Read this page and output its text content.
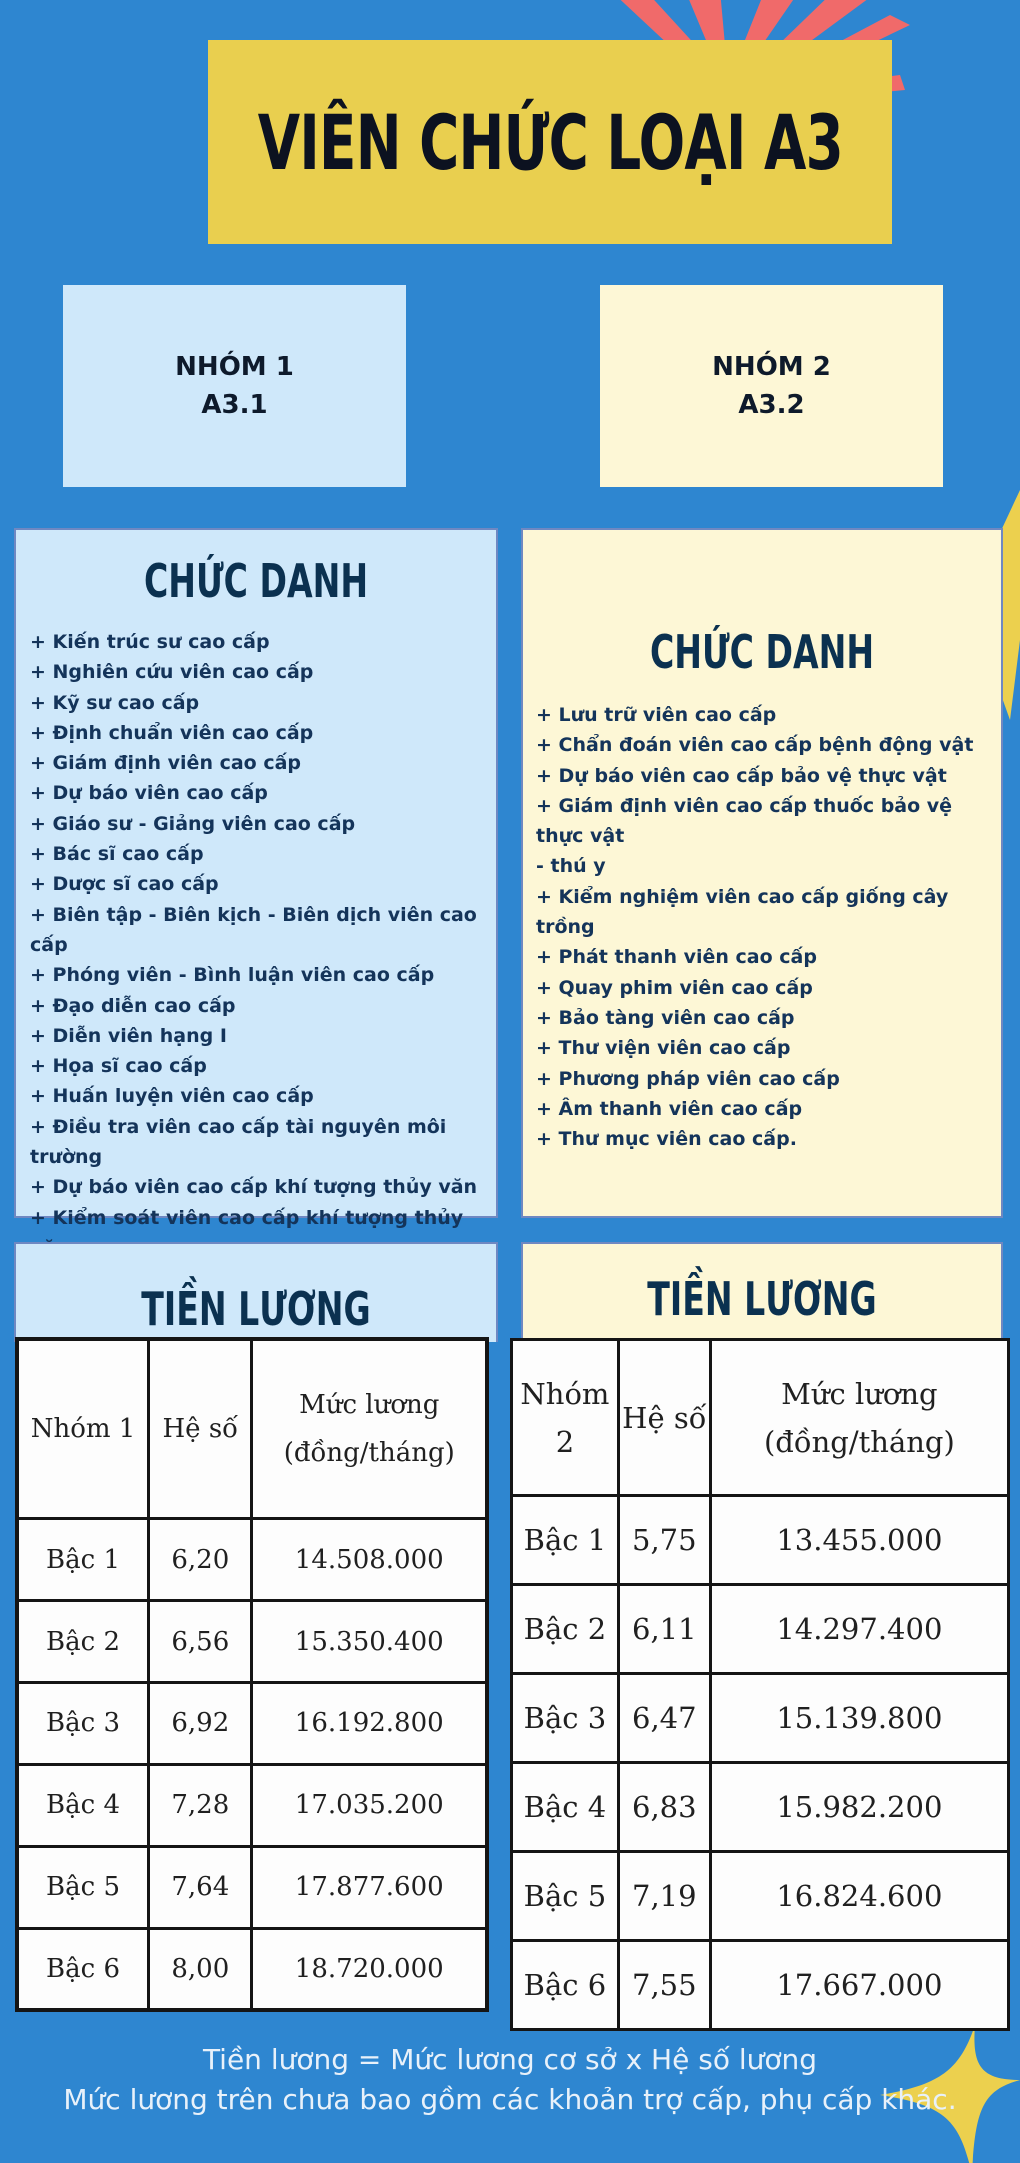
VIÊN CHỨC LOẠI A3
NHÓM 1
A3.1
NHÓM 2
A3.2
CHỨC DANH
+ Kiến trúc sư cao cấp
+ Nghiên cứu viên cao cấp
+ Kỹ sư cao cấp
+ Định chuẩn viên cao cấp
+ Giám định viên cao cấp
+ Dự báo viên cao cấp
+ Giáo sư - Giảng viên cao cấp
+ Bác sĩ cao cấp
+ Dược sĩ cao cấp
+ Biên tập - Biên kịch - Biên dịch viên cao cấp
+ Phóng viên - Bình luận viên cao cấp
+ Đạo diễn cao cấp
+ Diễn viên hạng I
+ Họa sĩ cao cấp
+ Huấn luyện viên cao cấp
+ Điều tra viên cao cấp tài nguyên môi trường
+ Dự báo viên cao cấp khí tượng thủy văn
+ Kiểm soát viên cao cấp khí tượng thủy
CHỨC DANH
+ Lưu trữ viên cao cấp
+ Chẩn đoán viên cao cấp bệnh động vật
+ Dự báo viên cao cấp bảo vệ thực vật
+ Giám định viên cao cấp thuốc bảo vệ thực vật
- thú y
+ Kiểm nghiệm viên cao cấp giống cây trồng
+ Phát thanh viên cao cấp
+ Quay phim viên cao cấp
+ Bảo tàng viên cao cấp
+ Thư viện viên cao cấp
+ Phương pháp viên cao cấp
+ Âm thanh viên cao cấp
+ Thư mục viên cao cấp.
TIỀN LƯƠNG	TIỀN LƯƠNG
Nhóm 1	Hệ số	Mức lương
(đồng/tháng)
Bậc 1	6,20	14.508.000
Bậc 2	6,56	15.350.400
Bậc 3	6,92	16.192.800
Bậc 4	7,28	17.035.200
Bậc 5	7,64	17.877.600
Bậc 6	8,00	18.720.000
Nhóm 2	Hệ số	Mức lương
(đồng/tháng)
Bậc 1	5,75	13.455.000
Bậc 2	6,11	14.297.400
Bậc 3	6,47	15.139.800
Bậc 4	6,83	15.982.200
Bậc 5	7,19	16.824.600
Bậc 6	7,55	17.667.000
Tiền lương = Mức lương cơ sở x Hệ số lương
Mức lương trên chưa bao gồm các khoản trợ cấp, phụ cấp khác.
